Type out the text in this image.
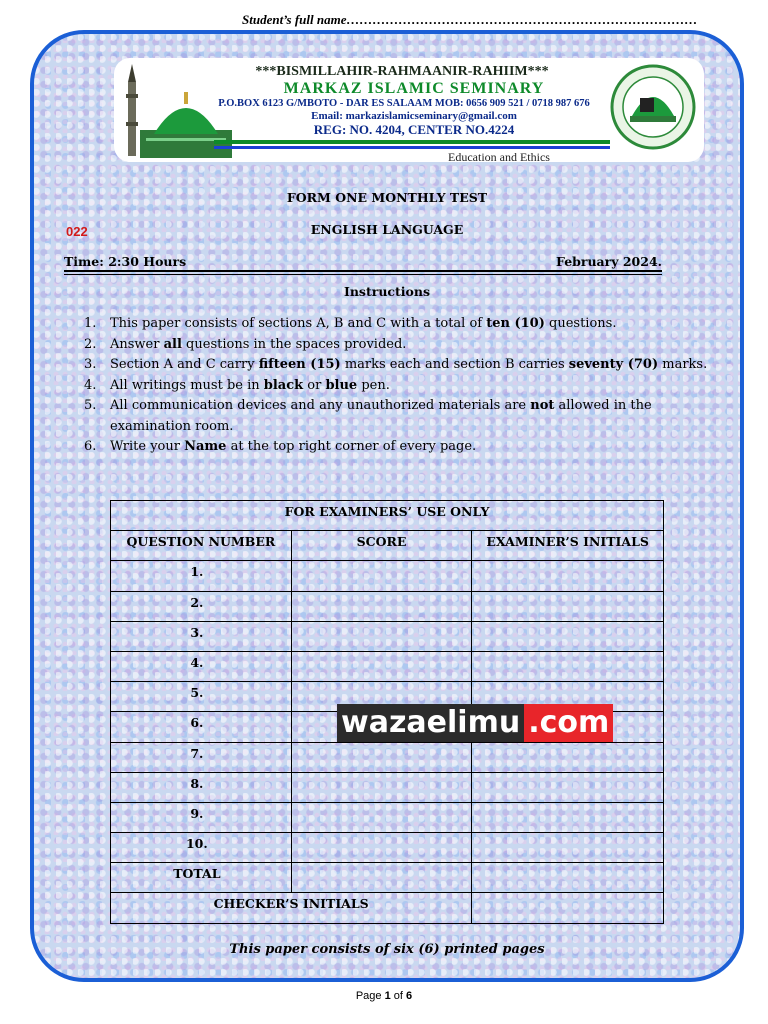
Student’s full name………………………………………………………………………
***BISMILLAHIR-RAHMAANIR-RAHIIM***
MARKAZ ISLAMIC SEMINARY
P.O.BOX 6123 G/MBOTO - DAR ES SALAAM MOB: 0656 909 521 / 0718 987 676
Email: markazislamicseminary@gmail.com
REG: NO. 4204, CENTER NO.4224
Education and Ethics
FORM ONE MONTHLY TEST
022	ENGLISH LANGUAGE
Time: 2:30 Hours	February 2024.
Instructions
1. This paper consists of sections A, B and C with a total of ten (10) questions.
2. Answer all questions in the spaces provided.
3. Section A and C carry fifteen (15) marks each and section B carries seventy (70) marks.
4. All writings must be in black or blue pen.
5. All communication devices and any unauthorized materials are not allowed in the examination room.
6. Write your Name at the top right corner of every page.
FOR EXAMINERS’ USE ONLY		
QUESTION NUMBER	SCORE	EXAMINER’S INITIALS
1.		
2.		
3.		
4.		
5.		
6.		
7.		
8.		
9.		
10.		
TOTAL		
CHECKER’S INITIALS		
wazaelimu .com
This paper consists of six (6) printed pages
Page 1 of 6
